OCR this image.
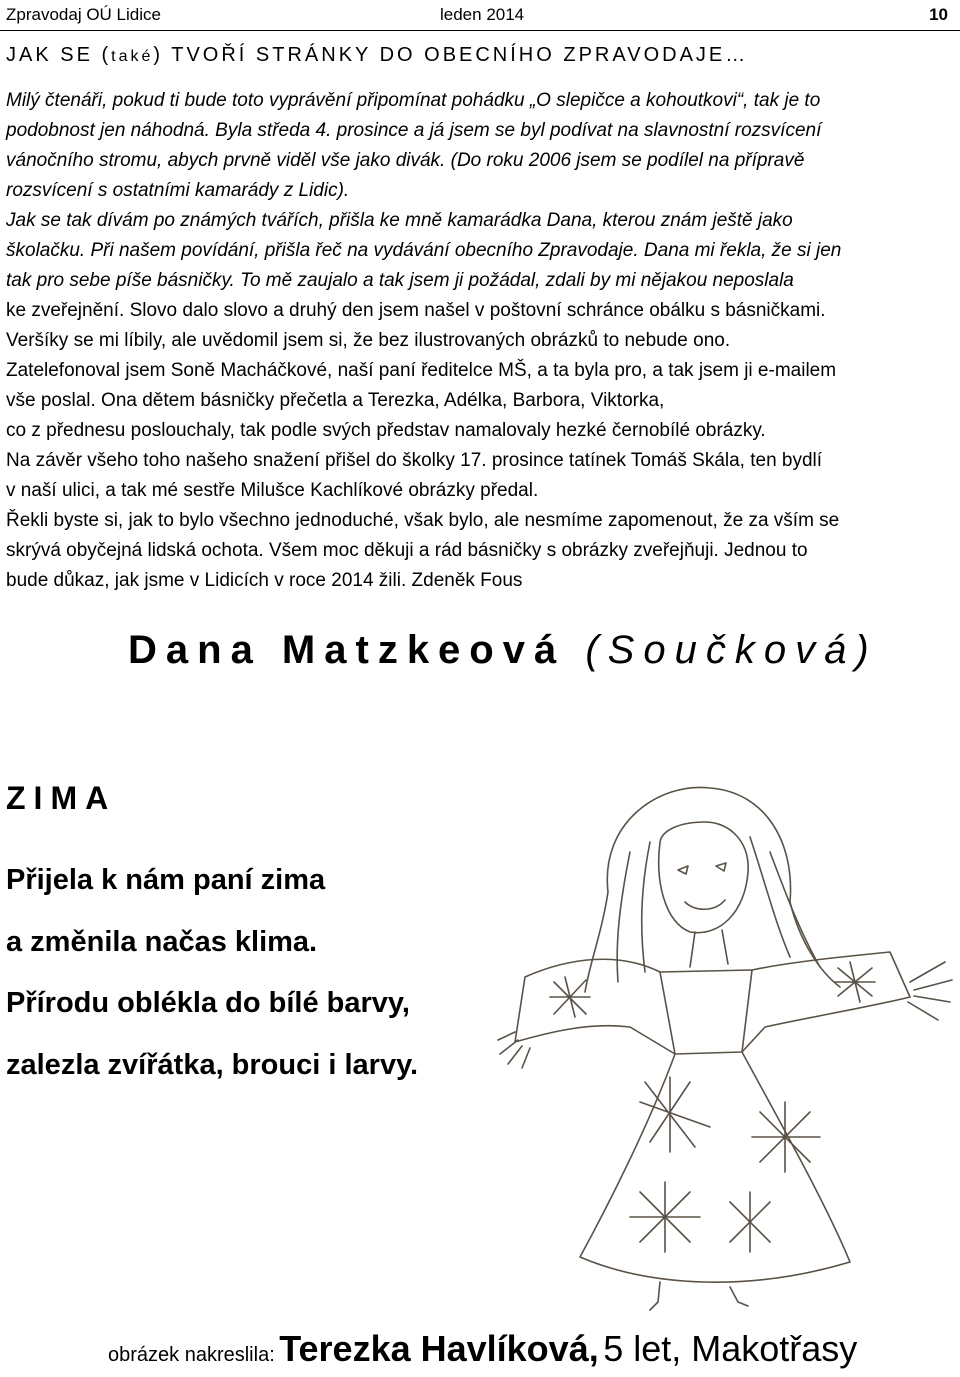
Zpravodaj OÚ Lidice	leden 2014	10
JAK SE (také) TVOŘÍ STRÁNKY DO OBECNÍHO ZPRAVODAJE…

Milý čtenáři, pokud ti bude toto vyprávění připomínat pohádku „O slepičce a kohoutkovi“, tak je to

podobnost jen náhodná. Byla středa 4. prosince a já jsem se byl podívat na slavnostní rozsvícení

vánočního stromu, abych prvně viděl vše jako divák. (Do roku 2006 jsem se podílel na přípravě

rozsvícení s ostatními kamarády z Lidic).

Jak se tak dívám po známých tvářích, přišla ke mně kamarádka Dana, kterou znám ještě jako

školačku. Při našem povídání, přišla řeč na vydávání obecního Zpravodaje. Dana mi řekla, že si jen

tak pro sebe píše básničky. To mě zaujalo a tak jsem ji požádal, zdali by mi nějakou neposlala

ke zveřejnění. Slovo dalo slovo a druhý den jsem našel v poštovní schránce obálku s básničkami.

Veršíky se mi líbily, ale uvědomil jsem si, že bez ilustrovaných obrázků to nebude ono.

Zatelefonoval jsem Soně Macháčkové, naší paní ředitelce MŠ, a ta byla pro, a tak jsem ji e-mailem

vše poslal. Ona dětem básničky přečetla a Terezka, Adélka, Barbora, Viktorka,

co z přednesu poslouchaly, tak podle svých představ namalovaly hezké černobílé obrázky.

Na závěr všeho toho našeho snažení přišel do školky 17. prosince tatínek Tomáš Skála, ten bydlí

v naší ulici, a tak mé sestře Milušce Kachlíkové obrázky předal.

Řekli byste si, jak to bylo všechno jednoduché, však bylo, ale nesmíme zapomenout, že za vším se

skrývá obyčejná lidská ochota. Všem moc děkuji a rád básničky s obrázky zveřejňuji. Jednou to

bude důkaz, jak jsme v Lidicích v roce 2014 žili. Zdeněk Fous

Dana Matzkeová (Součková)
ZIMA

Přijela k nám paní zima

a změnila načas klima.

Přírodu oblékla do bílé barvy,

zalezla zvířátka, brouci i larvy.

obrázek nakreslila: Terezka Havlíková, 5 let, Makotřasy
